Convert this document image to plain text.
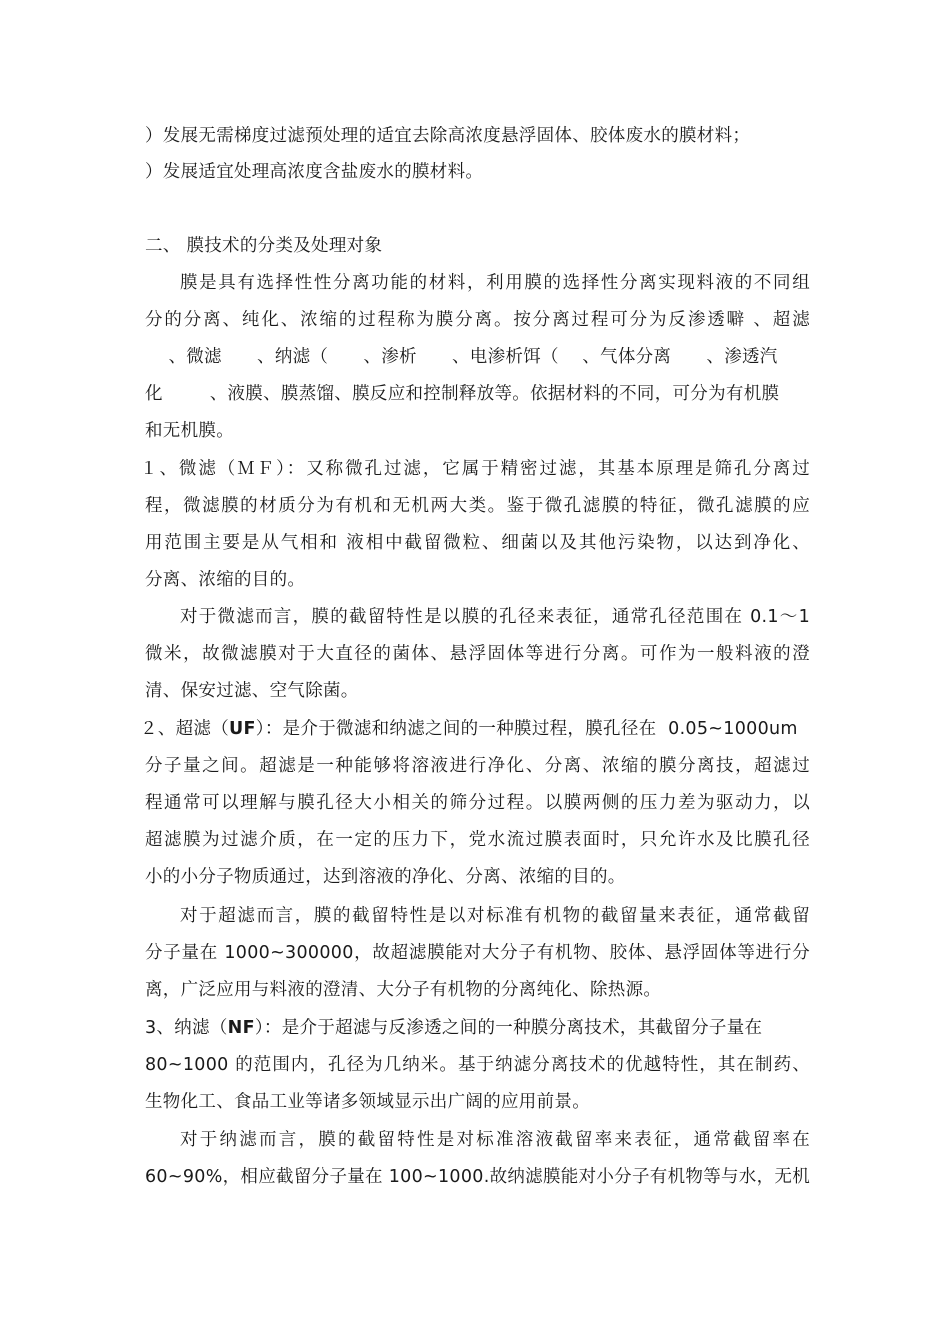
）发展无需梯度过滤预处理的适宜去除高浓度悬浮固体、胶体废水的膜材料；
）发展适宜处理高浓度含盐废水的膜材料。
二、 膜技术的分类及处理对象
膜是具有选择性性分离功能的材料，利用膜的选择性分离实现料液的不同组
分的分离、纯化、浓缩的过程称为膜分离。按分离过程可分为反渗透噼 、超滤
、微滤      、纳滤（      、渗析      、电渗析饵（    、气体分离      、渗透汽
化        、液膜、膜蒸馏、膜反应和控制释放等。依据材料的不同，可分为有机膜
和无机膜。
１、微滤（ＭＦ）：又称微孔过滤，它属于精密过滤，其基本原理是筛孔分离过
程，微滤膜的材质分为有机和无机两大类。鉴于微孔滤膜的特征，微孔滤膜的应
用范围主要是从气相和 液相中截留微粒、细菌以及其他污染物，以达到净化、
分离、浓缩的目的。
对于微滤而言，膜的截留特性是以膜的孔径来表征，通常孔径范围在 0.1～1
微米，故微滤膜对于大直径的菌体、悬浮固体等进行分离。可作为一般料液的澄
清、保安过滤、空气除菌。
２、超滤（UF）：是介于微滤和纳滤之间的一种膜过程，膜孔径在  0.05~1000um
分子量之间。超滤是一种能够将溶液进行净化、分离、浓缩的膜分离技，超滤过
程通常可以理解与膜孔径大小相关的筛分过程。以膜两侧的压力差为驱动力，以
超滤膜为过滤介质，在一定的压力下，党水流过膜表面时，只允许水及比膜孔径
小的小分子物质通过，达到溶液的净化、分离、浓缩的目的。
对于超滤而言，膜的截留特性是以对标准有机物的截留量来表征，通常截留
分子量在 1000~300000，故超滤膜能对大分子有机物、胶体、悬浮固体等进行分
离，广泛应用与料液的澄清、大分子有机物的分离纯化、除热源。
3、纳滤（NF）：是介于超滤与反渗透之间的一种膜分离技术，其截留分子量在
80~1000 的范围内，孔径为几纳米。基于纳滤分离技术的优越特性，其在制药、
生物化工、食品工业等诸多领域显示出广阔的应用前景。
对于纳滤而言，膜的截留特性是对标准溶液截留率来表征，通常截留率在
60~90%，相应截留分子量在 100~1000.故纳滤膜能对小分子有机物等与水，无机
